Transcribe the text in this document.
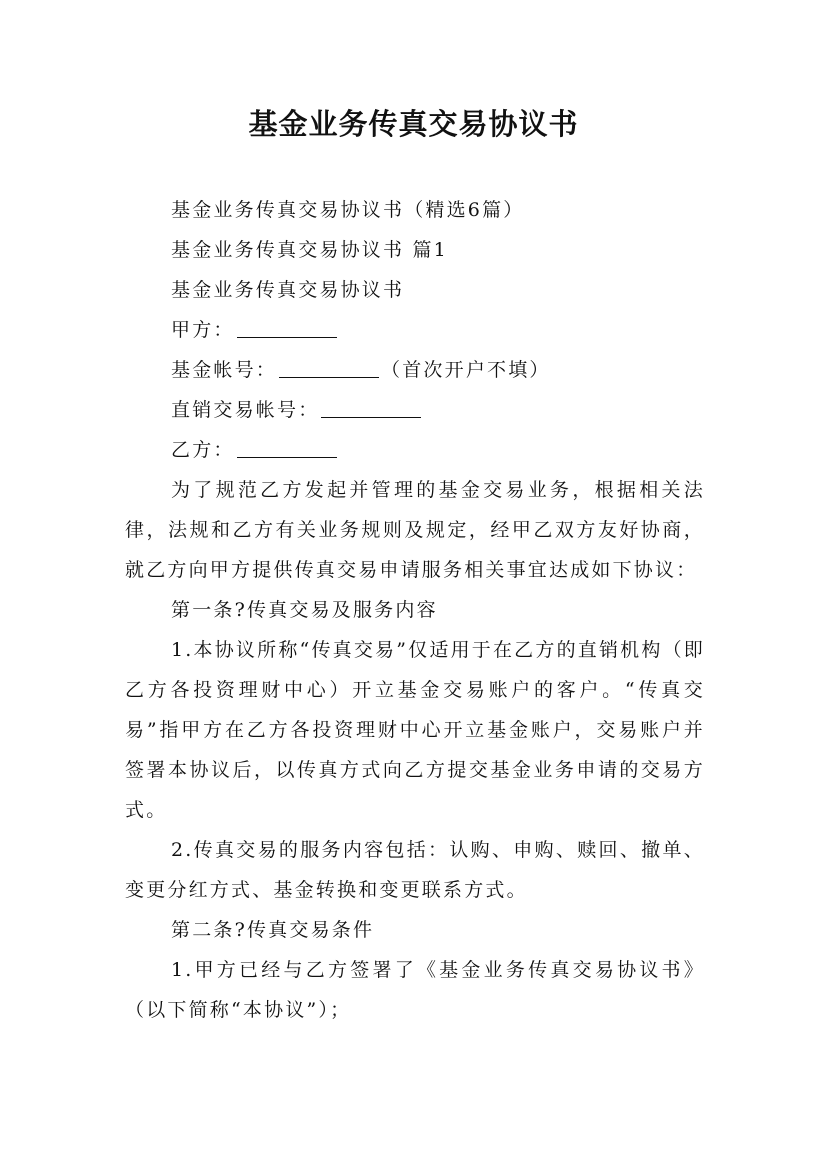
基金业务传真交易协议书
基金业务传真交易协议书（精选6篇）
基金业务传真交易协议书 篇1
基金业务传真交易协议书
甲方：
基金帐号：	（首次开户不填）
直销交易帐号：
乙方：
为了规范乙方发起并管理的基金交易业务，根据相关法律，法规和乙方有关业务规则及规定，经甲乙双方友好协商，就乙方向甲方提供传真交易申请服务相关事宜达成如下协议：
第一条?传真交易及服务内容
1.本协议所称“传真交易”仅适用于在乙方的直销机构（即乙方各投资理财中心）开立基金交易账户的客户。“传真交易”指甲方在乙方各投资理财中心开立基金账户，交易账户并签署本协议后，以传真方式向乙方提交基金业务申请的交易方式。
2.传真交易的服务内容包括：认购、申购、赎回、撤单、变更分红方式、基金转换和变更联系方式。
第二条?传真交易条件
1.甲方已经与乙方签署了《基金业务传真交易协议书》（以下简称“本协议”）；
